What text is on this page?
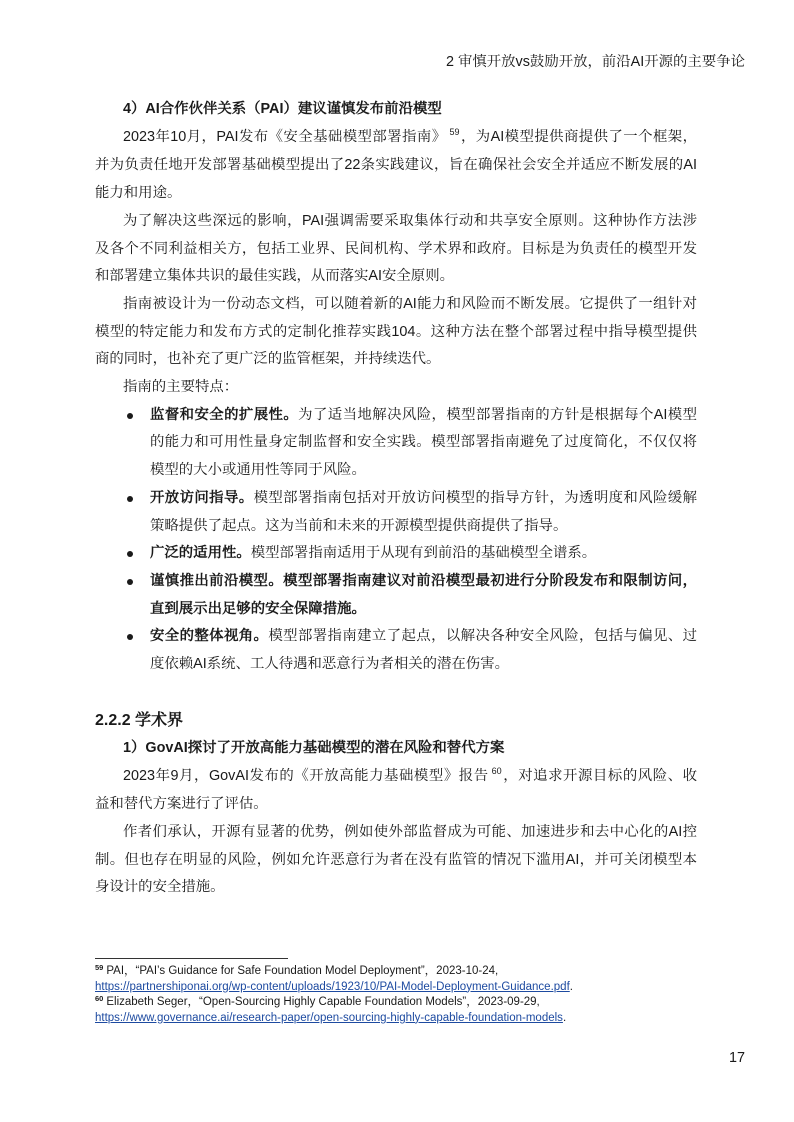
2 审慎开放vs鼓励开放，前沿AI开源的主要争论
4）AI合作伙伴关系（PAI）建议谨慎发布前沿模型
2023年10月，PAI发布《安全基础模型部署指南》 $^{59}$，为AI模型提供商提供了一个框架，
并为负责任地开发部署基础模型提出了22条实践建议，旨在确保社会安全并适应不断发展的AI
能力和用途。
为了解决这些深远的影响，PAI强调需要采取集体行动和共享安全原则。这种协作方法涉
及各个不同利益相关方，包括工业界、民间机构、学术界和政府。目标是为负责任的模型开发
和部署建立集体共识的最佳实践，从而落实AI安全原则。
指南被设计为一份动态文档，可以随着新的AI能力和风险而不断发展。它提供了一组针对
模型的特定能力和发布方式的定制化推荐实践104。这种方法在整个部署过程中指导模型提供
商的同时，也补充了更广泛的监管框架，并持续迭代。
指南的主要特点：
监督和安全的扩展性。为了适当地解决风险，模型部署指南的方针是根据每个AI模型
的能力和可用性量身定制监督和安全实践。模型部署指南避免了过度简化，不仅仅将
模型的大小或通用性等同于风险。
开放访问指导。模型部署指南包括对开放访问模型的指导方针，为透明度和风险缓解
策略提供了起点。这为当前和未来的开源模型提供商提供了指导。
广泛的适用性。模型部署指南适用于从现有到前沿的基础模型全谱系。
谨慎推出前沿模型。模型部署指南建议对前沿模型最初进行分阶段发布和限制访问，
直到展示出足够的安全保障措施。
安全的整体视角。模型部署指南建立了起点，以解决各种安全风险，包括与偏见、过
度依赖AI系统、工人待遇和恶意行为者相关的潜在伤害。
2.2.2 学术界
1）GovAI探讨了开放高能力基础模型的潜在风险和替代方案
2023年9月，GovAI发布的《开放高能力基础模型》报告 $^{60}$，对追求开源目标的风险、收
益和替代方案进行了评估。
作者们承认，开源有显著的优势，例如使外部监督成为可能、加速进步和去中心化的AI控
制。但也存在明显的风险，例如允许恶意行为者在没有监管的情况下滥用AI，并可关闭模型本
身设计的安全措施。
$^{59}$ PAI，“PAI’s Guidance for Safe Foundation Model Deployment”，2023-10-24,
https://partnershiponai.org/wp-content/uploads/1923/10/PAI-Model-Deployment-Guidance.pdf.
$^{60}$ Elizabeth Seger，“Open-Sourcing Highly Capable Foundation Models”，2023-09-29,
https://www.governance.ai/research-paper/open-sourcing-highly-capable-foundation-models.
17
